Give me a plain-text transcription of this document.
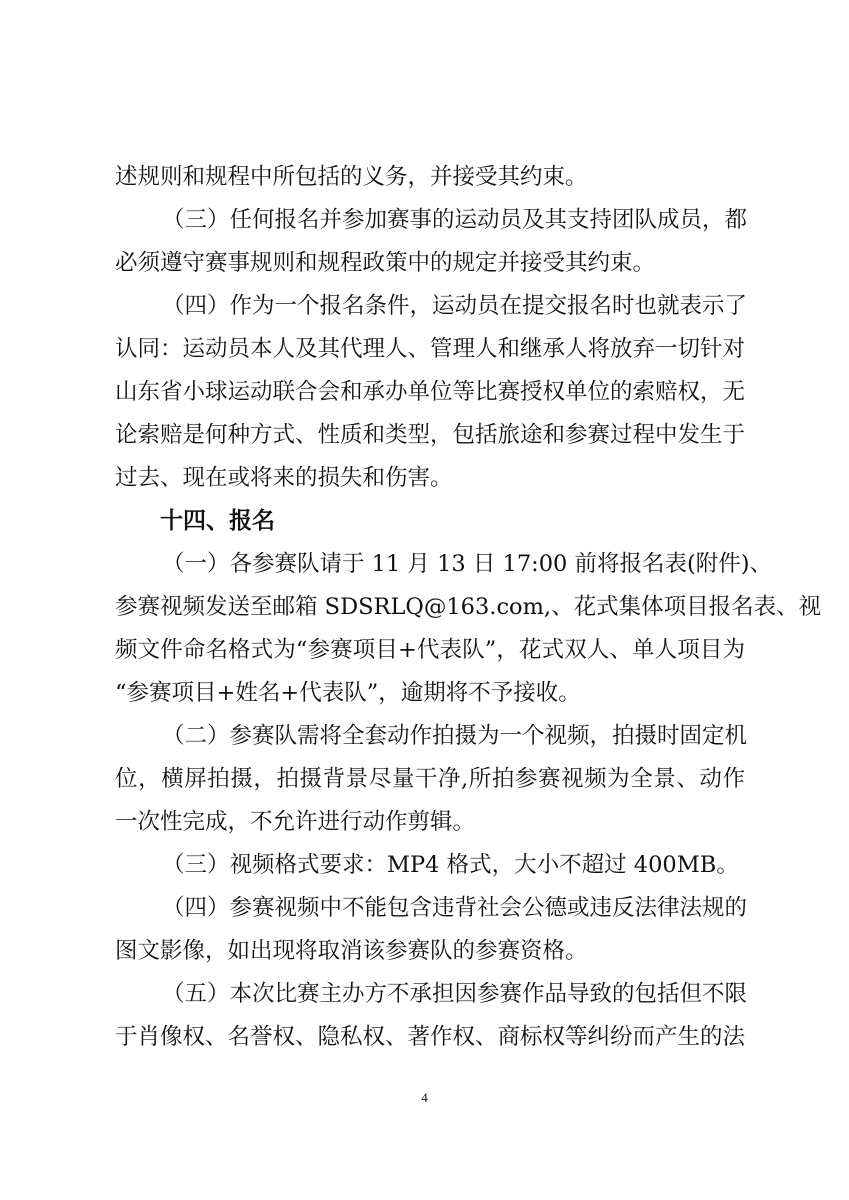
述规则和规程中所包括的义务，并接受其约束。
（三）任何报名并参加赛事的运动员及其支持团队成员，都
必须遵守赛事规则和规程政策中的规定并接受其约束。
（四）作为一个报名条件，运动员在提交报名时也就表示了
认同：运动员本人及其代理人、管理人和继承人将放弃一切针对
山东省小球运动联合会和承办单位等比赛授权单位的索赔权，无
论索赔是何种方式、性质和类型，包括旅途和参赛过程中发生于
过去、现在或将来的损失和伤害。
十四、报名
（一）各参赛队请于 11 月 13 日 17:00 前将报名表(附件)、
参赛视频发送至邮箱 SDSRLQ@163.com,、花式集体项目报名表、视
频文件命名格式为“参赛项目+代表队”，花式双人、单人项目为
“参赛项目+姓名+代表队”，逾期将不予接收。
（二）参赛队需将全套动作拍摄为一个视频，拍摄时固定机
位，横屏拍摄，拍摄背景尽量干净,所拍参赛视频为全景、动作
一次性完成，不允许进行动作剪辑。
（三）视频格式要求：MP4 格式，大小不超过 400MB。
（四）参赛视频中不能包含违背社会公德或违反法律法规的
图文影像，如出现将取消该参赛队的参赛资格。
（五）本次比赛主办方不承担因参赛作品导致的包括但不限
于肖像权、名誉权、隐私权、著作权、商标权等纠纷而产生的法
4
